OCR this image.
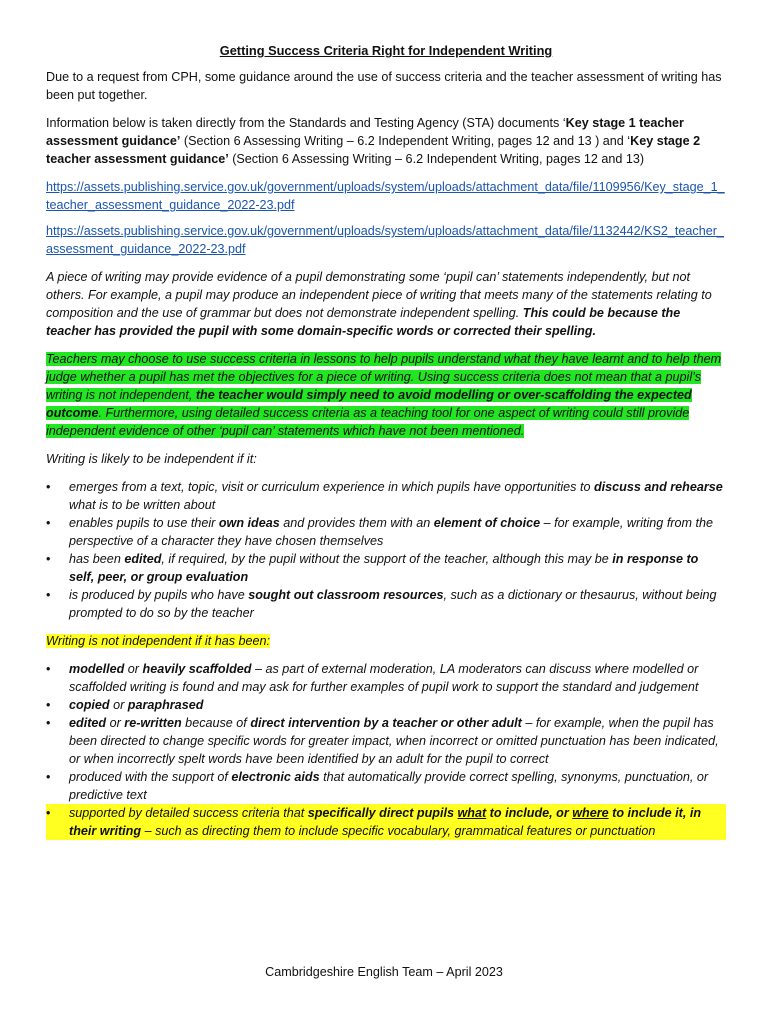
Getting Success Criteria Right for Independent Writing

Due to a request from CPH, some guidance around the use of success criteria and the teacher assessment of writing has been put together.

Information below is taken directly from the Standards and Testing Agency (STA) documents ‘Key stage 1 teacher assessment guidance’ (Section 6 Assessing Writing – 6.2 Independent Writing, pages 12 and 13 ) and ‘Key stage 2 teacher assessment guidance’ (Section 6 Assessing Writing – 6.2 Independent Writing, pages 12 and 13)

https://assets.publishing.service.gov.uk/government/uploads/system/uploads/attachment_data/file/1109956/Key_stage_1_teacher_assessment_guidance_2022-23.pdf
https://assets.publishing.service.gov.uk/government/uploads/system/uploads/attachment_data/file/1132442/KS2_teacher_assessment_guidance_2022-23.pdf

A piece of writing may provide evidence of a pupil demonstrating some ‘pupil can’ statements independently, but not others. For example, a pupil may produce an independent piece of writing that meets many of the statements relating to composition and the use of grammar but does not demonstrate independent spelling. This could be because the teacher has provided the pupil with some domain-specific words or corrected their spelling.

Teachers may choose to use success criteria in lessons to help pupils understand what they have learnt and to help them judge whether a pupil has met the objectives for a piece of writing. Using success criteria does not mean that a pupil’s writing is not independent, the teacher would simply need to avoid modelling or over-scaffolding the expected outcome. Furthermore, using detailed success criteria as a teaching tool for one aspect of writing could still provide independent evidence of other ‘pupil can’ statements which have not been mentioned.

Writing is likely to be independent if it:

• emerges from a text, topic, visit or curriculum experience in which pupils have opportunities to discuss and rehearse what is to be written about
• enables pupils to use their own ideas and provides them with an element of choice – for example, writing from the perspective of a character they have chosen themselves
• has been edited, if required, by the pupil without the support of the teacher, although this may be in response to self, peer, or group evaluation
• is produced by pupils who have sought out classroom resources, such as a dictionary or thesaurus, without being prompted to do so by the teacher

Writing is not independent if it has been:

• modelled or heavily scaffolded – as part of external moderation, LA moderators can discuss where modelled or scaffolded writing is found and may ask for further examples of pupil work to support the standard and judgement
• copied or paraphrased
• edited or re-written because of direct intervention by a teacher or other adult – for example, when the pupil has been directed to change specific words for greater impact, when incorrect or omitted punctuation has been indicated, or when incorrectly spelt words have been identified by an adult for the pupil to correct
• produced with the support of electronic aids that automatically provide correct spelling, synonyms, punctuation, or predictive text
• supported by detailed success criteria that specifically direct pupils what to include, or where to include it, in their writing – such as directing them to include specific vocabulary, grammatical features or punctuation
Cambridgeshire English Team – April 2023
